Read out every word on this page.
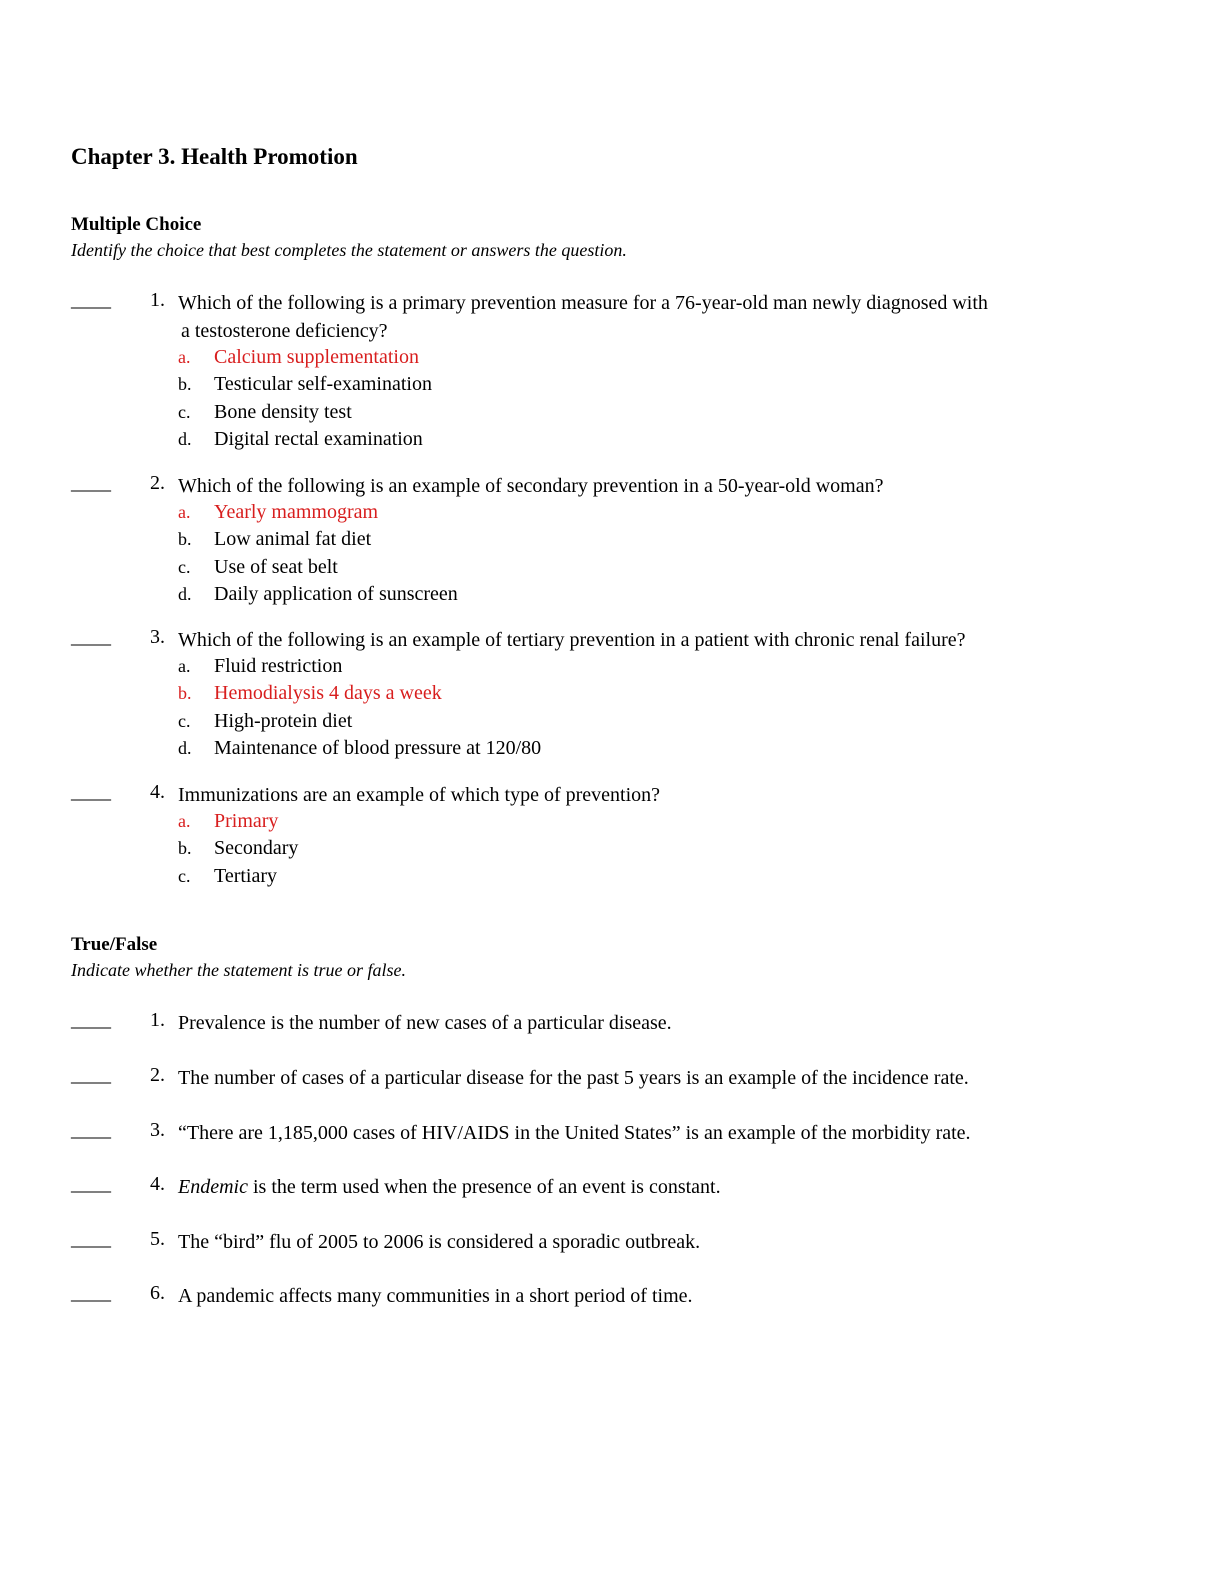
Chapter 3. Health Promotion
Multiple Choice
Identify the choice that best completes the statement or answers the question.
____	1. Which of the following is a primary prevention measure for a 76-year-old man newly diagnosed with
a testosterone deficiency?
a. Calcium supplementation
b. Testicular self-examination
c. Bone density test
d. Digital rectal examination
____	2. Which of the following is an example of secondary prevention in a 50-year-old woman?
a. Yearly mammogram
b. Low animal fat diet
c. Use of seat belt
d. Daily application of sunscreen
____	3. Which of the following is an example of tertiary prevention in a patient with chronic renal failure?
a. Fluid restriction
b. Hemodialysis 4 days a week
c. High-protein diet
d. Maintenance of blood pressure at 120/80
____	4. Immunizations are an example of which type of prevention?
a. Primary
b. Secondary
c. Tertiary
True/False
Indicate whether the statement is true or false.
____	1. Prevalence is the number of new cases of a particular disease.
____	2. The number of cases of a particular disease for the past 5 years is an example of the incidence rate.
____	3. “There are 1,185,000 cases of HIV/AIDS in the United States” is an example of the morbidity rate.
____	4. Endemic is the term used when the presence of an event is constant.
____	5. The “bird” flu of 2005 to 2006 is considered a sporadic outbreak.
____	6. A pandemic affects many communities in a short period of time.
